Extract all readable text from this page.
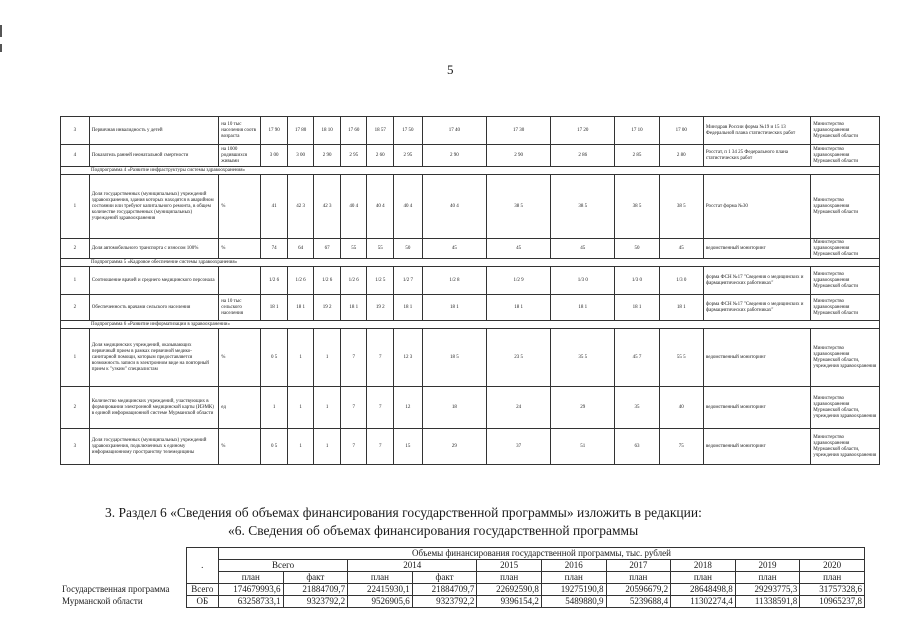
5
3	Первичная инвалидность у детей	на 10 тыс населения соотв возраста	17 90	17 80	18 10	17 60	18 57	17 50	17 40	17 30	17 20	17 10	17 00	Минздрав России форма №19 и 15 13 Федеральной плана статистических работ	Министерство здравоохранения Мурманской области
4	Показатель ранней неонатальной смертности	на 1000 родившихся живыми	3 00	3 00	2 90	2 95	2 60	2 95	2 90	2 90	2 86	2 85	2 80	Росстат, п 1 34 25 Федерального плана статистических работ	Министерство здравоохранения Мурманской области
Подпрограмма 4 «Развитие инфраструктуры системы здравоохранения»															
1	Доля государственных (муниципальных) учреждений здравоохранения, здания которых находятся в аварийном состоянии или требуют капитального ремонта, в общем количестве государственных (муниципальных) учреждений здравоохранения	%	41	42 3	42 3	40 4	40 4	40 4	40 4	38 5	38 5	38 5	38 5	Росстат форма №30	Министерство здравоохранения Мурманской области
2	Доля автомобильного транспорта с износом 100%	%	74	64	67	55	55	50	45	45	45	50	45	ведомственный мониторинг	Министерство здравоохранения Мурманской области
Подпрограмма 5 «Кадровое обеспечение системы здравоохранения»															
1	Соотношение врачей и среднего медицинского персонала		1/2 6	1/2 6	1/2 6	1/2 6	1/2 5	1/2 7	1/2 8	1/2 9	1/3 0	1/3 0	1/3 0	форма ФСН №17 "Сведения о медицинских и фармацевтических работниках"	Министерство здравоохранения Мурманской области
2	Обеспеченность врачами сельского населения	на 10 тыс сельского населения	18 1	18 1	19 2	18 1	19 2	18 1	18 1	18 1	18 1	18 1	18 1	форма ФСН №17 "Сведения о медицинских и фармацевтических работниках"	Министерство здравоохранения Мурманской области
Подпрограмма 6 «Развитие информатизации в здравоохранении»															
1	Доля медицинских учреждений, оказывающих первичный прием в рамках первичной медико-санитарной помощи, которым предоставляется возможность записи в электронном виде на повторный прием к "узким" специалистам	%	0 5	1	1	7	7	12 3	18 5	23 5	35 5	45 7	55 5	ведомственный мониторинг	Министерство здравоохранения Мурманской области, учреждения здравоохранения
2	Количество медицинских учреждений, участвующих в формировании электронной медицинской карты (ИЭМК) в единой информационной системе Мурманской области	ед	1	1	1	7	7	12	18	24	29	35	40	ведомственный мониторинг	Министерство здравоохранения Мурманской области, учреждения здравоохранения
3	Доля государственных (муниципальных) учреждений здравоохранения, подключенных к единому информационному пространству телемедицины	%	0 5	1	1	7	7	15	29	37	51	63	75	ведомственный мониторинг	Министерство здравоохранения Мурманской области, учреждения здравоохранения
3. Раздел 6 «Сведения об объемах финансирования государственной программы» изложить в редакции:
«6. Сведения об объемах финансирования государственной программы
	.	Объемы финансирования государственной программы, тыс. рублей									
		Всего		2014		2015	2016	2017	2018	2019	2020
		план	факт	план	факт	план	план	план	план	план	план
Государственная программа	Всего	174679993,6	21884709,7	22415930,1	21884709,7	22692590,8	19275190,8	20596679,2	28648498,8	29293775,3	31757328,6
Мурманской области	ОБ	63258733,1	9323792,2	9526905,6	9323792,2	9396154,2	5489880,9	5239688,4	11302274,4	11338591,8	10965237,8
